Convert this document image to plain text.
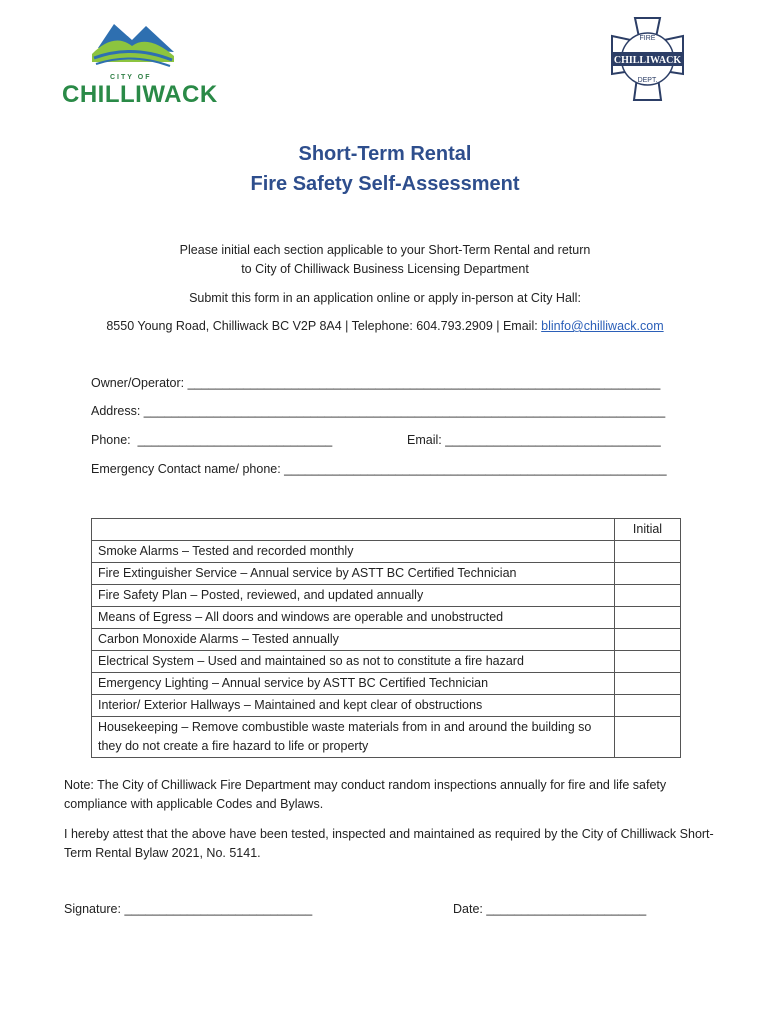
CITY OF
CHILLIWACK
CHILLIWACK
FIRE
DEPT.
Short-Term Rental
Fire Safety Self-Assessment
Please initial each section applicable to your Short-Term Rental and return
to City of Chilliwack Business Licensing Department
Submit this form in an application online or apply in-person at City Hall:
8550 Young Road, Chilliwack BC V2P 8A4 | Telephone: 604.793.2909 | Email: blinfo@chilliwack.com
Owner/Operator: ____________________________________________________________________
Address: ___________________________________________________________________________
Phone:  ____________________________	Email: _______________________________
Emergency Contact name/ phone: _______________________________________________________
	Initial
Smoke Alarms – Tested and recorded monthly	
Fire Extinguisher Service – Annual service by ASTT BC Certified Technician	
Fire Safety Plan – Posted, reviewed, and updated annually	
Means of Egress – All doors and windows are operable and unobstructed	
Carbon Monoxide Alarms – Tested annually	
Electrical System – Used and maintained so as not to constitute a fire hazard	
Emergency Lighting – Annual service by ASTT BC Certified Technician	
Interior/ Exterior Hallways – Maintained and kept clear of obstructions	
Housekeeping – Remove combustible waste materials from in and around the building so they do not create a fire hazard to life or property	
Note: The City of Chilliwack Fire Department may conduct random inspections annually for fire and life safety compliance with applicable Codes and Bylaws.
I hereby attest that the above have been tested, inspected and maintained as required by the City of Chilliwack Short-Term Rental Bylaw 2021, No. 5141.
Signature: ___________________________	Date: _______________________
